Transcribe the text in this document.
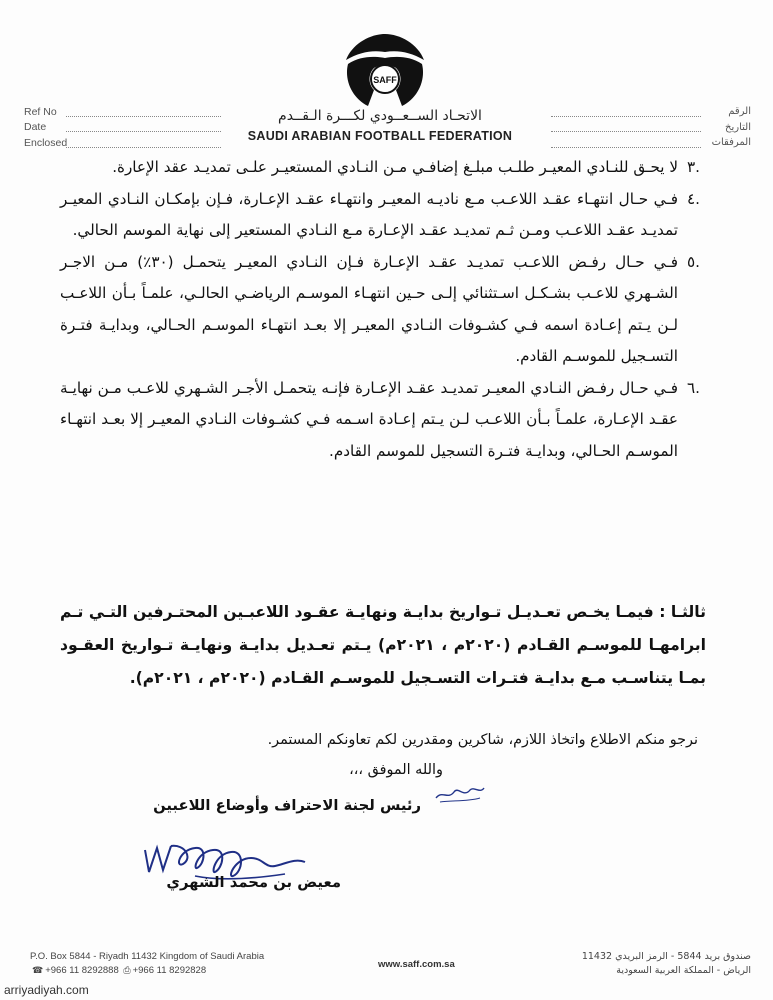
SAFF
الاتحـاد الســعــودي لكـــرة الـقــدم
SAUDI ARABIAN FOOTBALL FEDERATION
Ref No
Date
Enclosed
الرقم
التاريخ
المرفقات
.٣

لا يحـق للنـادي المعيـر طلـب مبلـغ إضافـي مـن النـادي المستعيـر علـى تمديـد عقد الإعارة.

.٤

فـي حـال انتهـاء عقـد اللاعـب مـع ناديـه المعيـر وانتهـاء عقـد الإعـارة، فـإن بإمكـان النـادي المعيـر تمديـد عقـد اللاعـب ومـن ثـم تمديـد عقـد الإعـارة مـع النـادي المستعير إلى نهاية الموسم الحالي.

.٥

فـي حـال رفـض اللاعـب تمديـد عقـد الإعـارة فـإن النـادي المعيـر يتحمـل (٣٠٪) مـن الاجـر الشـهري للاعـب بشـكـل اسـتثنائي إلـى حـين انتهـاء الموسـم الرياضـي الحالـي، علمـاً بـأن اللاعـب لـن يـتم إعـادة اسمه فـي كشـوفات النـادي المعيـر إلا بعـد انتهـاء الموسـم الحـالي، وبدايـة فتـرة التسـجيل للموسـم القادم.

.٦

فـي حـال رفـض النـادي المعيـر تمديـد عقـد الإعـارة فإنـه يتحمـل الأجـر الشـهري للاعـب مـن نهايـة عقـد الإعـارة، علمـاً بـأن اللاعـب لـن يـتم إعـادة اسـمه فـي كشـوفات النـادي المعيـر إلا بعـد انتهـاء الموسـم الحـالي، وبدايـة فتـرة التسجيل للموسم القادم.

ثالثـا : فيمـا يخـص تعـديـل تـواريخ بدايـة ونهايـة عقـود اللاعبـين المحتـرفين التـي تـم ابرامهـا للموسـم القـادم (٢٠٢٠م ، ٢٠٢١م) يـتم تعـديل بدايـة ونهايـة تـواريخ العقـود بمـا يتناسـب مـع بدايـة فتـرات التسـجيل للموسـم القـادم (٢٠٢٠م ، ٢٠٢١م).
نرجو منكم الاطلاع واتخاذ اللازم، شاكرين ومقدرين لكم تعاونكم المستمر.
والله الموفق ،،،
رئيس لجنة الاحتراف وأوضاع اللاعبين
معيض بن محمد الشهري
P.O. Box 5844 - Riyadh 11432 Kingdom of Saudi Arabia
☎ +966 11 8292888 ⎙ +966 11 8292828
www.saff.com.sa
صندوق بريد 5844 - الرمز البريدي 11432
الرياض - المملكة العربية السعودية
arriyadiyah.com
